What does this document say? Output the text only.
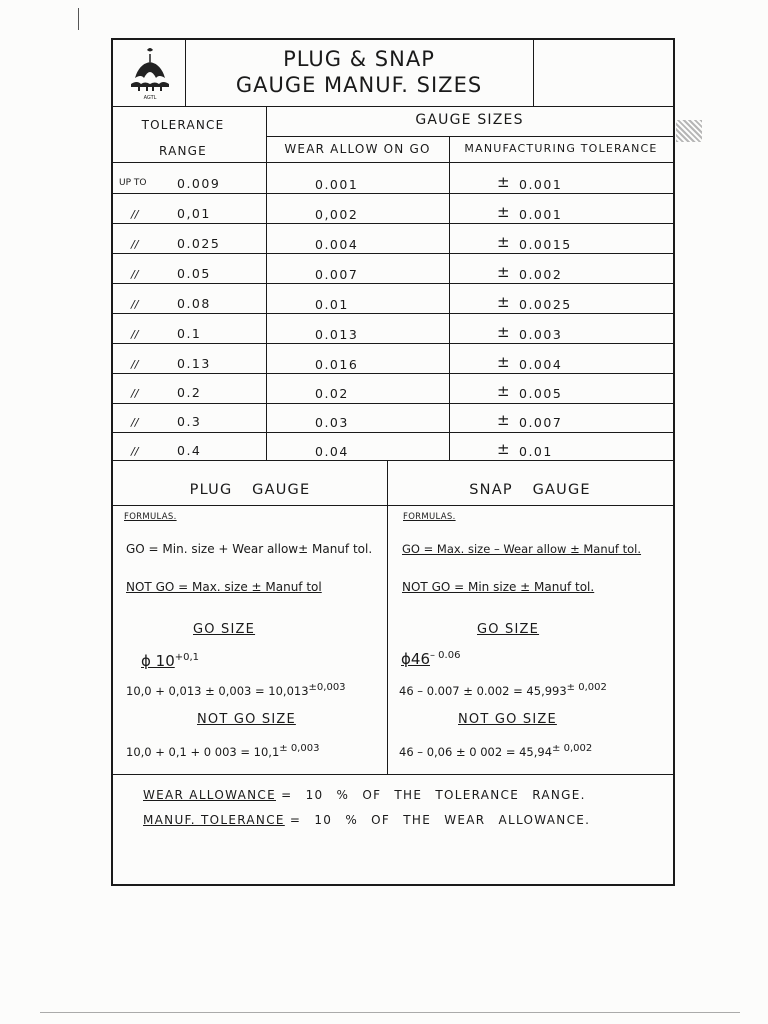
AGTL
PLUG & SNAP
GAUGE MANUF. SIZES
TOLERANCE
RANGE
GAUGE SIZES
WEAR ALLOW ON GO	MANUFACTURING TOLERANCE
UP TO 0.009	0.001	± 0.001
//	0,01	0,002	± 0.001
//	0.025	0.004	± 0.0015
//	0.05	0.007	± 0.002
//	0.08	0.01	± 0.0025
//	0.1	0.013	± 0.003
//	0.13	0.016	± 0.004
//	0.2	0.02	± 0.005
//	0.3	0.03	± 0.007
//	0.4	0.04	± 0.01
PLUG GAUGE
FORMULAS.
GO = Min. size + Wear allow± Manuf tol.
NOT GO = Max. size ± Manuf tol
GO SIZE
ϕ $10^{+0,1}$
$10,0 + 0,013 \pm 0,003 = 10,013^{\pm 0,003}$
NOT GO SIZE
10,0 + 0,1 + 0 $003 = 10,1^{\pm 0,003}$
SNAP GAUGE
FORMULAS.
GO = Max. size – Wear allow ± Manuf tol.
NOT GO = Min size ± Manuf tol.
GO SIZE
$\phi 46^{- 0.06}$
$46 - 0.007 \pm 0.002 = 45,993^{\pm 0,002}$
NOT GO SIZE
46 – 0,06 ± 0 $002 = 45,94^{\pm 0,002}$
WEAR ALLOWANCE = 10 % OF THE TOLERANCE RANGE.
MANUF. TOLERANCE = 10 % OF THE WEAR ALLOWANCE.
